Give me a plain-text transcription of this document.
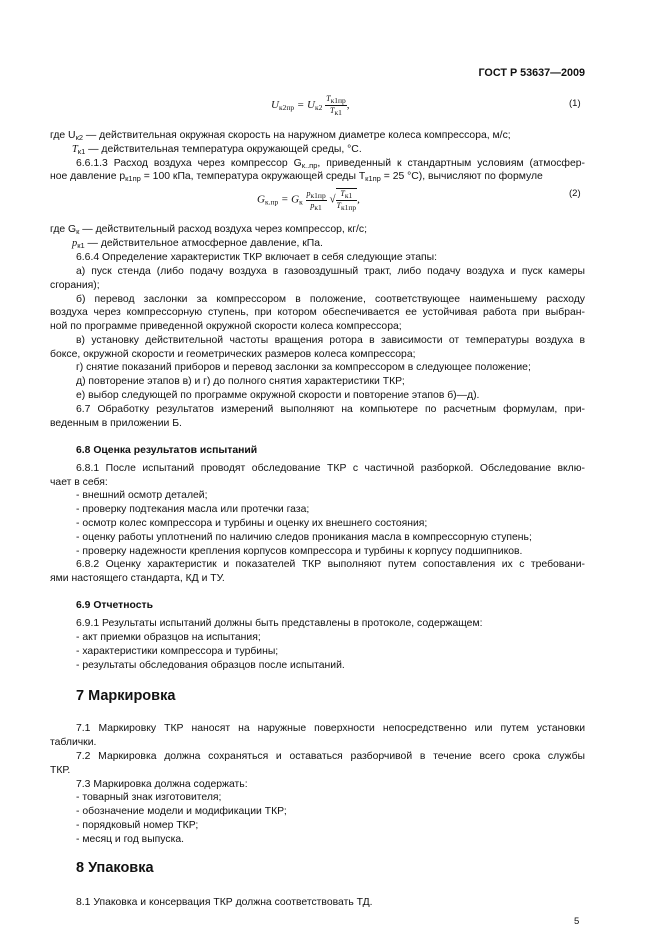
ГОСТ Р 53637—2009
$Uк2пр = Uк2 \frac{Tк1пр}{Tк1}$ ,	(1)
где $U_{к2}$ — действительная окружная скорость на наружном диаметре колеса компрессора, м/с;
$T_{к1}$ — действительная температура окружающей среды, °С.
6.6.1.3 Расход воздуха через компрессор $G_{к..пр}$, приведенный к стандартным условиям (атмосфер-
ное давление $p_{к1пр} = 100$ кПа, температура окружающей среды $T_{к1пр} = 25$ °С), вычисляют по формуле
Gк.пр = Gк $\frac{pк1пр}{pк1}$ √ $\frac{Tк1}{Tк1пр}$ ,
(2)
где $G_к$ — действительный расход воздуха через компрессор, кг/с;
$p_{к1}$ — действительное атмосферное давление, кПа.
6.6.4 Определение характеристик ТКР включает в себя следующие этапы:
а) пуск стенда (либо подачу воздуха в газовоздушный тракт, либо подачу воздуха и пуск камеры
сгорания);
б) перевод заслонки за компрессором в положение, соответствующее наименьшему расходу
воздуха через компрессорную ступень, при котором обеспечивается ее устойчивая работа при выбран-
ной по программе приведенной окружной скорости колеса компрессора;
в) установку действительной частоты вращения ротора в зависимости от температуры воздуха в
боксе, окружной скорости и геометрических размеров колеса компрессора;
г) снятие показаний приборов и перевод заслонки за компрессором в следующее положение;
д) повторение этапов в) и г) до полного снятия характеристики ТКР;
е) выбор следующей по программе окружной скорости и повторение этапов б)—д).
6.7 Обработку результатов измерений выполняют на компьютере по расчетным формулам, при-
веденным в приложении Б.
6.8 Оценка результатов испытаний
6.8.1 После испытаний проводят обследование ТКР с частичной разборкой. Обследование вклю-
чает в себя:
- внешний осмотр деталей;
- проверку подтекания масла или протечки газа;
- осмотр колес компрессора и турбины и оценку их внешнего состояния;
- оценку работы уплотнений по наличию следов проникания масла в компрессорную ступень;
- проверку надежности крепления корпусов компрессора и турбины к корпусу подшипников.
6.8.2 Оценку характеристик и показателей ТКР выполняют путем сопоставления их с требовани-
ями настоящего стандарта, КД и ТУ.
6.9 Отчетность
6.9.1 Результаты испытаний должны быть представлены в протоколе, содержащем:
- акт приемки образцов на испытания;
- характеристики компрессора и турбины;
- результаты обследования образцов после испытаний.
7 Маркировка
7.1 Маркировку ТКР наносят на наружные поверхности непосредственно или путем установки
таблички.
7.2 Маркировка должна сохраняться и оставаться разборчивой в течение всего срока службы
ТКР.
7.3 Маркировка должна содержать:
- товарный знак изготовителя;
- обозначение модели и модификации ТКР;
- порядковый номер ТКР;
- месяц и год выпуска.
8 Упаковка
8.1 Упаковка и консервация ТКР должна соответствовать ТД.
5
